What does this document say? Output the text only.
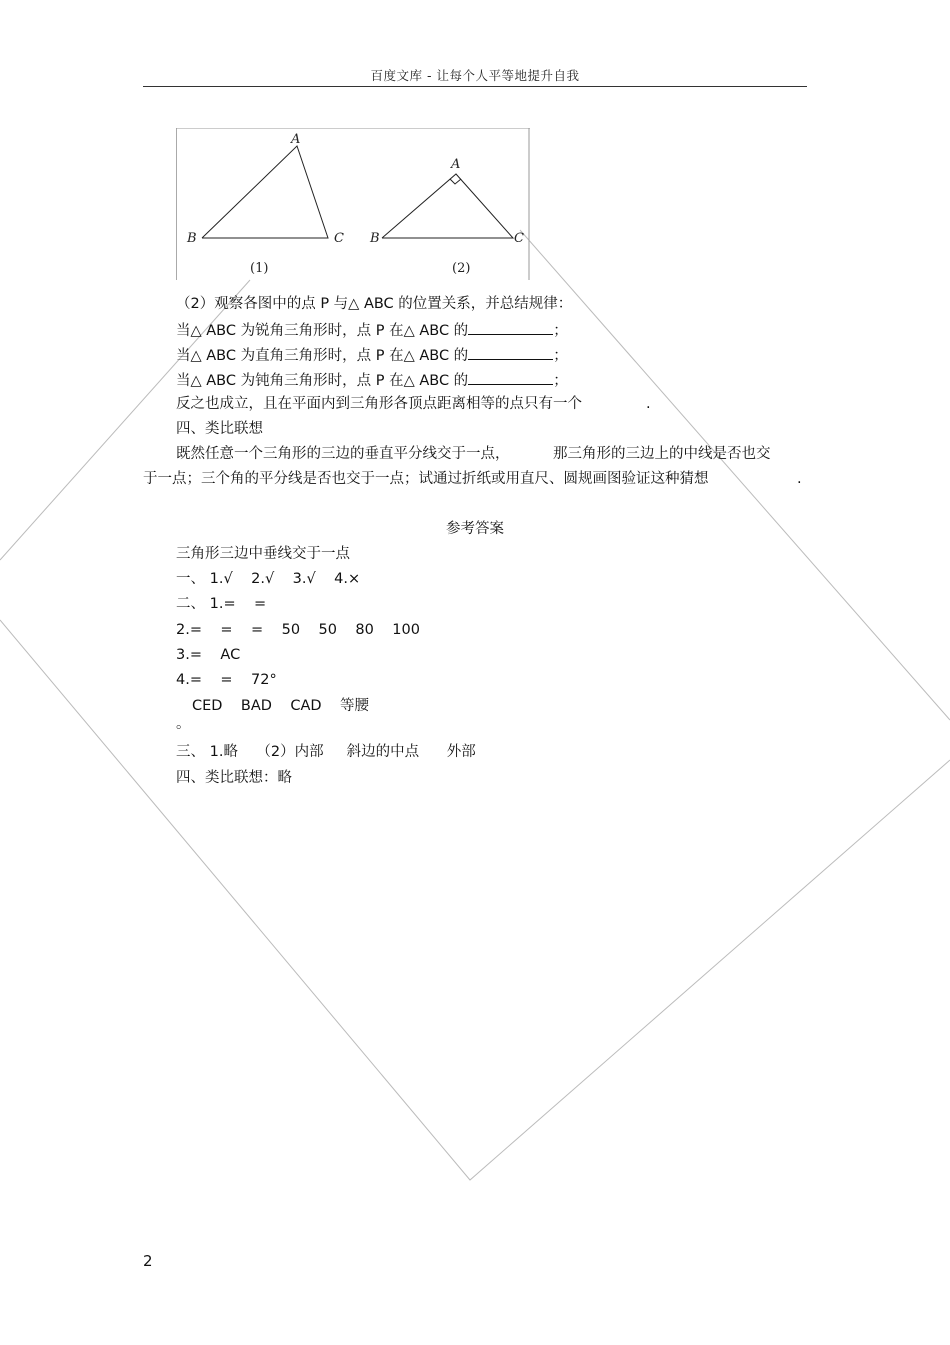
百度文库 - 让每个人平等地提升自我
A
B	C
(1)
A
B	C
(2)
（2）观察各图中的点 P 与△ ABC 的位置关系，并总结规律：
当△ ABC 为锐角三角形时，点 P 在△ ABC 的	；
当△ ABC 为直角三角形时，点 P 在△ ABC 的	；
当△ ABC 为钝角三角形时，点 P 在△ ABC 的	；
反之也成立，且在平面内到三角形各顶点距离相等的点只有一个	.
四、类比联想
既然任意一个三角形的三边的垂直平分线交于一点，	那三角形的三边上的中线是否也交
于一点；三个角的平分线是否也交于一点；试通过折纸或用直尺、圆规画图验证这种猜想	.
参考答案
三角形三边中垂线交于一点
一、 1.√    2.√    3.√    4.×
二、 1.=    =
2.=    =    =    50    50    80    100
3.=    AC
4.=    =    72°
CED    BAD    CAD    等腰
。
三、 1.略    （2）内部     斜边的中点      外部
四、类比联想：略
2
